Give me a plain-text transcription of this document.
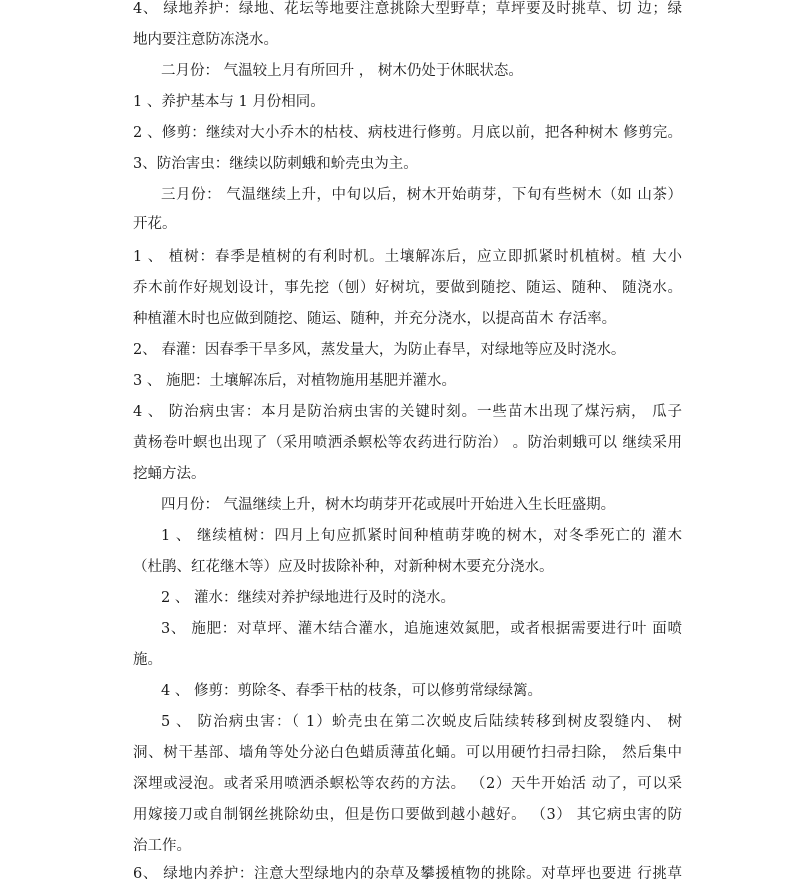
4、 绿地养护：绿地、花坛等地要注意挑除大型野草；草坪要及时挑草、切 边；绿
地内要注意防冻浇水。
二月份： 气温较上月有所回升 ， 树木仍处于休眠状态。
1 、养护基本与 1 月份相同。
2 、修剪：继续对大小乔木的枯枝、病枝进行修剪。月底以前，把各种树木 修剪完。
3、防治害虫：继续以防刺蛾和蚧壳虫为主。
三月份： 气温继续上升，中旬以后，树木开始萌芽，下旬有些树木（如 山茶）
开花。
1 、 植树：春季是植树的有利时机。土壤解冻后，应立即抓紧时机植树。植 大小
乔木前作好规划设计，事先挖（刨）好树坑，要做到随挖、随运、随种、 随浇水。
种植灌木时也应做到随挖、随运、随种，并充分浇水，以提高苗木 存活率。
2、 春灌：因春季干旱多风，蒸发量大，为防止春旱，对绿地等应及时浇水。
3 、 施肥：土壤解冻后，对植物施用基肥并灌水。
4 、 防治病虫害：本月是防治病虫害的关键时刻。一些苗木出现了煤污病， 瓜子
黄杨卷叶螟也出现了（采用喷洒杀螟松等农药进行防治） 。防治刺蛾可以 继续采用
挖蛹方法。
四月份： 气温继续上升，树木均萌芽开花或展叶开始进入生长旺盛期。
1 、 继续植树：四月上旬应抓紧时间种植萌芽晚的树木，对冬季死亡的 灌木
（杜鹃、红花继木等）应及时拔除补种，对新种树木要充分浇水。
2 、 灌水：继续对养护绿地进行及时的浇水。
3、 施肥：对草坪、灌木结合灌水，追施速效氮肥，或者根据需要进行叶 面喷
施。
4 、 修剪：剪除冬、春季干枯的枝条，可以修剪常绿绿篱。
5 、 防治病虫害：（ 1）蚧壳虫在第二次蜕皮后陆续转移到树皮裂缝内、 树
洞、树干基部、墙角等处分泌白色蜡质薄茧化蛹。可以用硬竹扫帚扫除， 然后集中
深埋或浸泡。或者采用喷洒杀螟松等农药的方法。 （2）天牛开始活 动了，可以采
用嫁接刀或自制钢丝挑除幼虫，但是伤口要做到越小越好。 （3） 其它病虫害的防
治工作。
6、 绿地内养护：注意大型绿地内的杂草及攀援植物的挑除。对草坪也要进 行挑草
